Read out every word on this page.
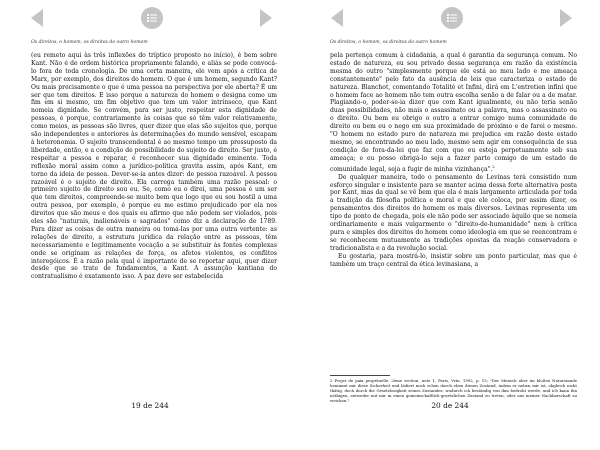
Os direitos, o homem, os direitos do outro homem

(eu remeto aqui às três inflexões do tríptico proposto no início), é bem sobre Kant. Não é de ordem histórica propriamente falando, e aliás se pode convocá-lo fora de toda cronologia. De uma certa maneira, ele vem após a crítica de Marx, por exemplo, dos direitos do homem. O que é um homem, segundo Kant? Ou mais precisamente o que é uma pessoa na perspectiva por ele aberta? É um ser que tem direitos. E isso porque a natureza do homem o designa como um fim em si mesmo, um fim objetivo que tem um valor intrínseco, que Kant nomeia dignidade. Se convém, para ser justo, respeitar esta dignidade de pessoas, é porque, contrariamente às coisas que só têm valor relativamente, como meios, as pessoas são livres, quer dizer que elas são sujeitos que, porque são independentes e anteriores às determinações do mundo sensível, escapam à heteronomia. O sujeito transcendental é ao mesmo tempo um pressuposto da liberdade, então, e a condição de possibilidade do sujeito de direito. Ser justo, é respeitar a pessoa e reparar, é reconhecer sua dignidade eminente. Toda reflexão moral assim como a jurídico-política gravita assim, após Kant, em torno da ideia de pessoa. Dever-se-ia antes dizer: de pessoa razoável. A pessoa razoável é o sujeito de direito. Ela carrega também uma razão pessoal: o primeiro sujeito de direito sou eu. Se, como eu o direi, uma pessoa é um ser que tem direitos, compreende-se muito bem que logo que eu sou hostil a uma outra pessoa, por exemplo, é porque eu me estimo prejudicado por ela nos direitos que são meus e dos quais eu afirmo que não podem ser violados, pois eles são "naturais, inalienáveis e sagrados" como diz a declaração de 1789. Para dizer as coisas de outra maneira ou tomá-las por uma outra vertente: as relações de direito, a estrutura jurídica da relação entre as pessoas, têm necessariamente e legitimamente vocação a se substituir às fontes complexas onde se originam as relações de força, os afetos violentos, os conflitos interegóicos. É a razão pela qual é importante de se reportar aqui, quer dizer desde que se trate de fundamentos, a Kant. A assunção kantiana do contratualismo é exatamente isso. A paz deve ser estabelecida

19 de 244
Os direitos, o homem, os direitos do outro homem

pela pertença comum à cidadania, a qual é garantia da segurança comum. No estado de natureza, eu sou privado dessa segurança em razão da existência mesma do outro "simplesmente porque ele está ao meu lado e me ameaça constantemente" pelo fato da ausência de leis que caracteriza o estado de natureza. Blanchot, comentando Totalité et Infini, dirá em L'entretien infini que o homem face ao homem não tem outra escolha senão a de falar ou a de matar. Plagiando-o, poder-se-ia dizer que com Kant igualmente, eu não teria senão duas possibilidades, não mais o assassinato ou a palavra, mas o assassinato ou o direito. Ou bem eu obrigo o outro a entrar comigo numa comunidade de direito ou bem eu o nego em sua proximidade de próximo e de farei o mesmo. "O homem no estado puro de natureza me prejudica em razão deste estado mesmo, se encontrando ao meu lado, mesmo sem agir em consequência de sua condição de fora-da-lei que faz com que eu esteja perpetuamente sob sua ameaça; e eu posso obrigá-lo seja a fazer parte comigo de um estado de comunidade legal, seja a fugir de minha vizinhança".$^2$

De qualquer maneira, todo o pensamento de Levinas terá consistido num esforço singular e insistente para se manter acima dessa forte alternativa posta por Kant, mas da qual se vê bem que ela é mais largamente articulada por toda a tradição da filosofia política e moral e que ele coloca, por assim dizer, os pensamentos dos direitos do homem os mais diversos. Levinas representa um tipo de ponto de chegada, pois ele não pode ser associado àquilo que se nomeia ordinariamente e mais vulgarmente o "direito-de-humanidade" nem à crítica pura e simples dos direitos do homem como ideologia em que se reencontram e se reconhecem mutuamente as tradições opostas da reação conservadora e tradicionalista e a da revolução social.

Eu gostaria, para mostrá-lo, insistir sobre um ponto particular, mas que é também um traço central da ética levinasiana, a

2 Projet de paix perpétuelle, 2ème section, note 1, Paris, Vrin, 1992, p. 15; "Der Mensch aber im bloßen Naturstande benimmt mir diese Sicherheit und lädiert mich schon durch eben diesen Zustand, indem er neben mir ist, obgleich nicht thätig, doch durch die Gesetzlosigkeit seines Zustandes, wodurch ich beständig von ihm bedroht werde, und ich kann ihn nöthigen, entweder mit mir in einen gemeinschaftlich-gesetzlichen Zustand zu treten, oder aus meiner Nachbarschaft zu weichen."
20 de 244
